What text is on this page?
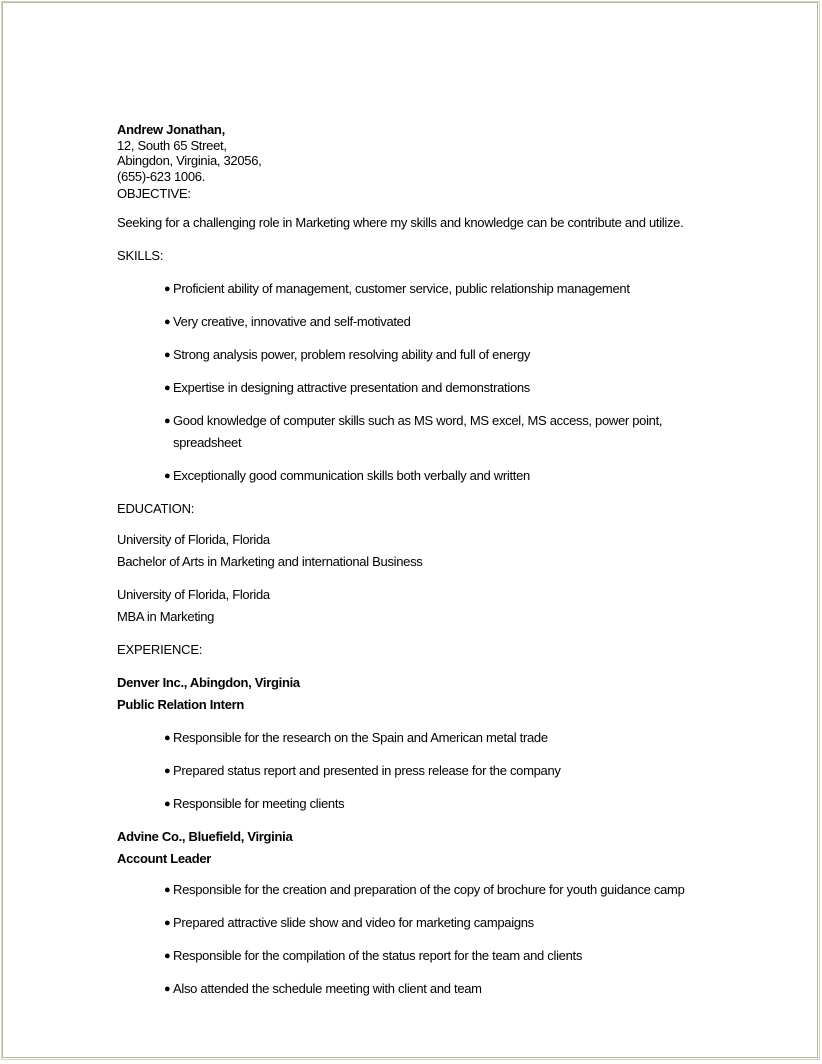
Andrew Jonathan,
12, South 65 Street,
Abingdon, Virginia, 32056,
(655)-623 1006.
OBJECTIVE:
Seeking for a challenging role in Marketing where my skills and knowledge can be contribute and utilize.
SKILLS:
● Proficient ability of management, customer service, public relationship management
● Very creative, innovative and self-motivated
● Strong analysis power, problem resolving ability and full of energy
● Expertise in designing attractive presentation and demonstrations
● Good knowledge of computer skills such as MS word, MS excel, MS access, power point, spreadsheet
● Exceptionally good communication skills both verbally and written
EDUCATION:
University of Florida, Florida
Bachelor of Arts in Marketing and international Business
University of Florida, Florida
MBA in Marketing
EXPERIENCE:
Denver Inc., Abingdon, Virginia
Public Relation Intern
● Responsible for the research on the Spain and American metal trade
● Prepared status report and presented in press release for the company
● Responsible for meeting clients
Advine Co., Bluefield, Virginia
Account Leader
● Responsible for the creation and preparation of the copy of brochure for youth guidance camp
● Prepared attractive slide show and video for marketing campaigns
● Responsible for the compilation of the status report for the team and clients
● Also attended the schedule meeting with client and team
